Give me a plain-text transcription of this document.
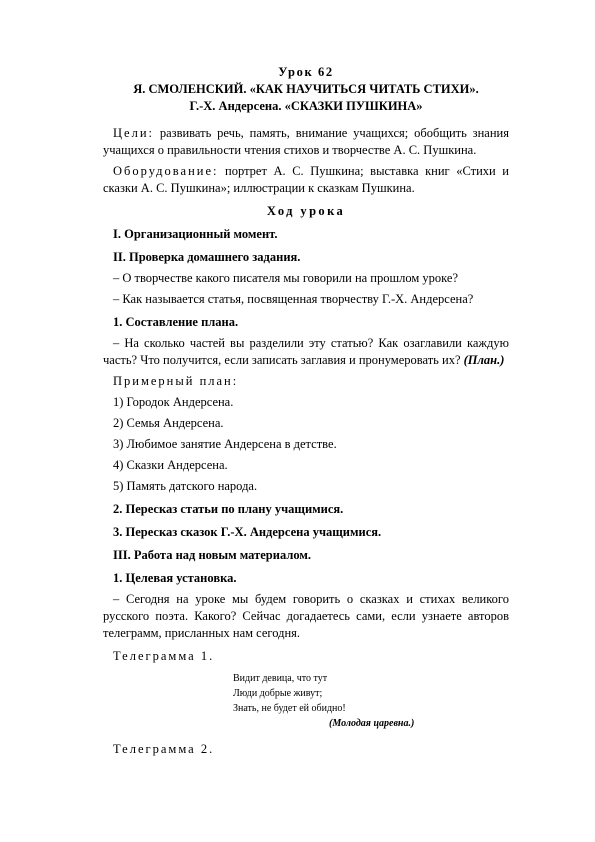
Урок 62

Я. СМОЛЕНСКИЙ. «КАК НАУЧИТЬСЯ ЧИТАТЬ СТИХИ».

Г.-Х. Андерсена. «СКАЗКИ ПУШКИНА»

Цели: развивать речь, память, внимание учащихся; обобщить знания учащихся о правильности чтения стихов и творчестве А. С. Пушкина.

Оборудование: портрет А. С. Пушкина; выставка книг «Стихи и сказки А. С. Пушкина»; иллюстрации к сказкам Пушкина.

Ход урока

I. Организационный момент.

II. Проверка домашнего задания.

– О творчестве какого писателя мы говорили на прошлом уроке?

– Как называется статья, посвященная творчеству Г.-Х. Андерсена?

1. Составление плана.

– На сколько частей вы разделили эту статью? Как озаглавили каждую часть? Что получится, если записать заглавия и пронумеровать их? (План.)

Примерный план:

1) Городок Андерсена.

2) Семья Андерсена.

3) Любимое занятие Андерсена в детстве.

4) Сказки Андерсена.

5) Память датского народа.

2. Пересказ статьи по плану учащимися.

3. Пересказ сказок Г.-Х. Андерсена учащимися.

III. Работа над новым материалом.

1. Целевая установка.

– Сегодня на уроке мы будем говорить о сказках и стихах великого русского поэта. Какого? Сейчас догадаетесь сами, если узнаете авторов телеграмм, присланных нам сегодня.

Телеграмма 1.

Видит девица, что тут

Люди добрые живут;

Знать, не будет ей обидно!

(Молодая царевна.)

Телеграмма 2.
